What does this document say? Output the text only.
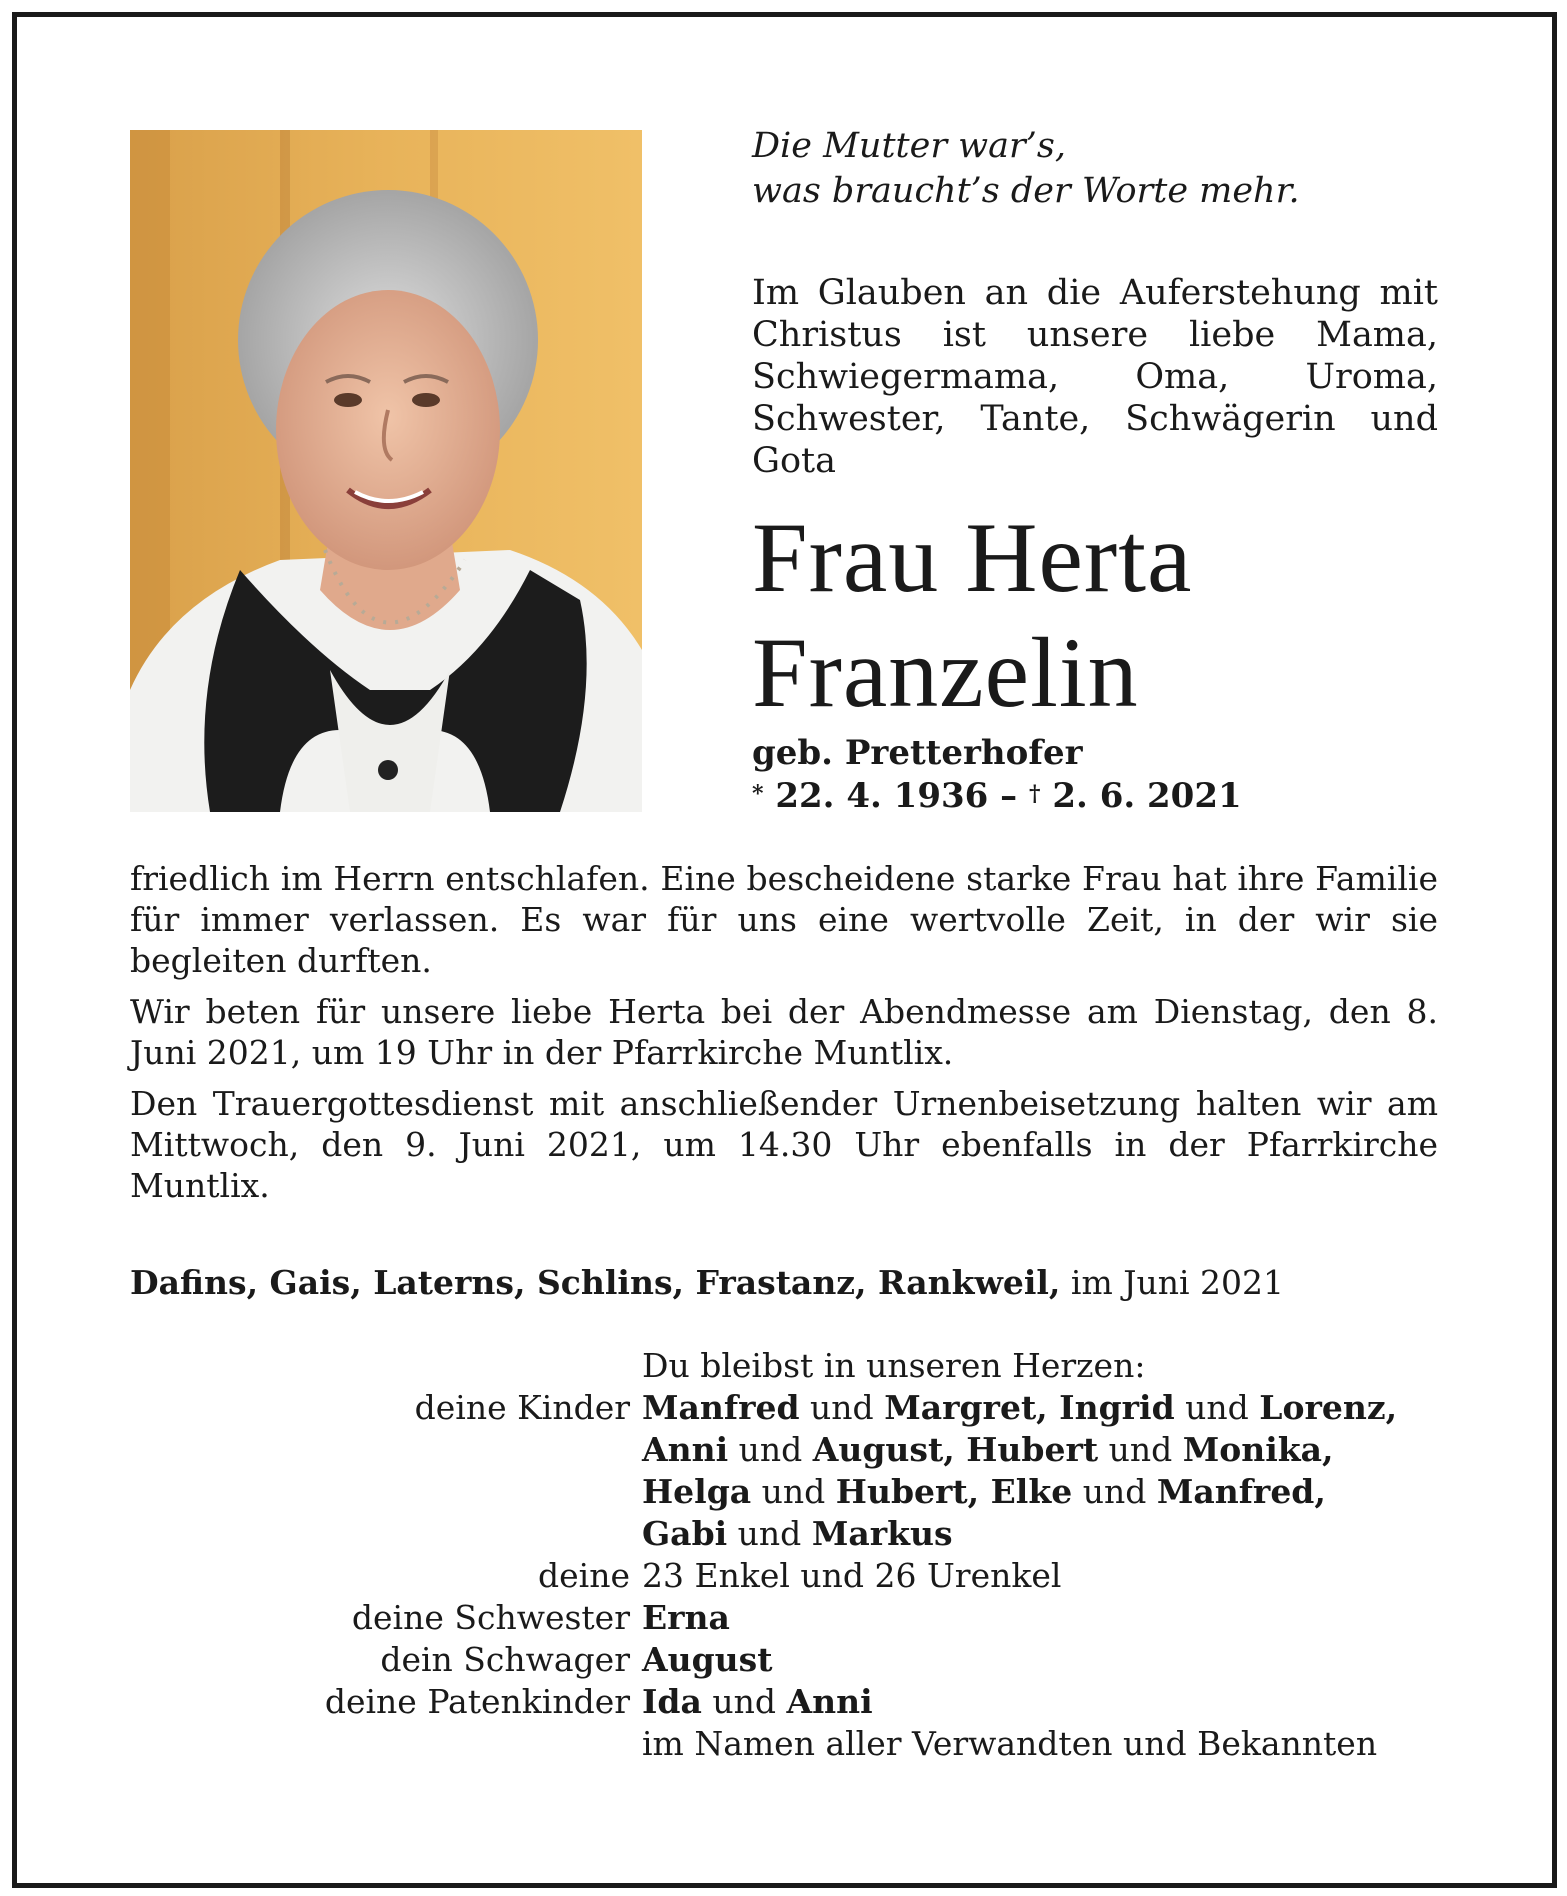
Die Mutter war’s,
was braucht’s der Worte mehr.
Im Glauben an die Auferstehung mit Christus ist unsere liebe Mama, Schwiegermama, Oma, Uroma, Schwester, Tante, Schwägerin und Gota
Frau Herta
Franzelin
geb. Pretterhofer
* 22. 4. 1936 – † 2. 6. 2021

friedlich im Herrn entschlafen. Eine bescheidene starke Frau hat ihre Familie für immer verlassen. Es war für uns eine wertvolle Zeit, in der wir sie begleiten durften.

Wir beten für unsere liebe Herta bei der Abendmesse am Dienstag, den 8. Juni 2021, um 19 Uhr in der Pfarrkirche Muntlix.

Den Trauergottesdienst mit anschließender Urnenbeisetzung halten wir am Mittwoch, den 9. Juni 2021, um 14.30 Uhr ebenfalls in der Pfarrkirche Muntlix.

Dafins, Gais, Laterns, Schlins, Frastanz, Rankweil, im Juni 2021
Du bleibst in unseren Herzen:
deine Kinder Manfred und Margret, Ingrid und Lorenz,
Anni und August, Hubert und Monika,
Helga und Hubert, Elke und Manfred,
Gabi und Markus
deine 23 Enkel und 26 Urenkel
deine Schwester Erna
dein Schwager August
deine Patenkinder Ida und Anni
im Namen aller Verwandten und Bekannten
